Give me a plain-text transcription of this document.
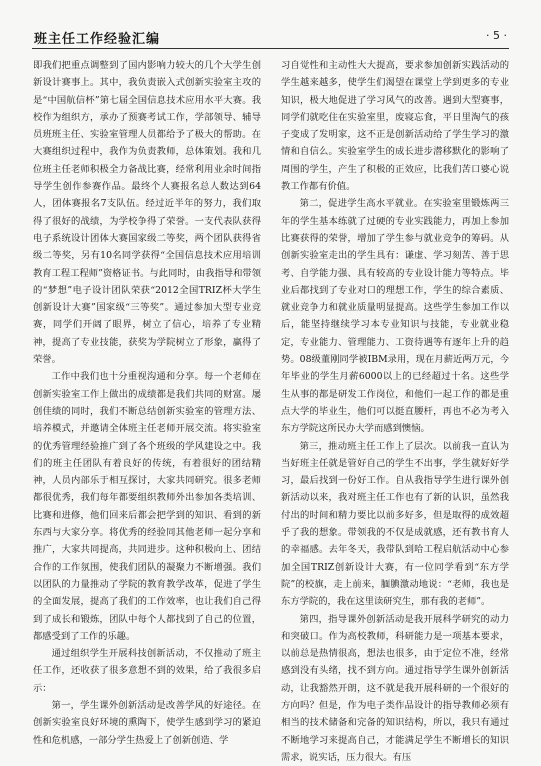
班主任工作经验汇编	· 5 ·

即我们把重点调整到了国内影响力较大的几个大学生创新设计赛事上。其中，我负责嵌入式创新实验室主攻的是“中国航信杯”第七届全国信息技术应用水平大赛。我校作为组织方，承办了预赛考试工作，学部领导、辅导员班班主任、实验室管理人员都给予了极大的帮助。在大赛组织过程中，我作为负责教师，总体策划。我和几位班主任老师积极全力备战比赛，经常利用业余时间指导学生创作参赛作品。最终个人赛报名总人数达到64人，团体赛报名7支队伍。经过近半年的努力，我们取得了很好的战绩，为学校争得了荣誉。一支代表队获得电子系统设计团体大赛国家级二等奖，两个团队获得省级二等奖，另有10名同学获得“全国信息技术应用培训教育工程工程师”资格证书。与此同时，由我指导和带领的“梦想”电子设计团队荣获“2012全国TRIZ杯大学生创新设计大赛”国家级“三等奖”。通过参加大型专业竞赛，同学们开阔了眼界，树立了信心，培养了专业精神，提高了专业技能，获奖为学院树立了形象，赢得了荣誉。

工作中我们也十分重视沟通和分享。每一个老师在创新实验室工作上做出的成绩都是我们共同的财富。屡创佳绩的同时，我们不断总结创新实验室的管理方法、培养模式，并邀请全体班主任老师开展交流。将实验室的优秀管理经验推广到了各个班级的学风建设之中。我们的班主任团队有着良好的传统，有着很好的团结精神，人员内部乐于相互探讨，大家共同研究。很多老师都很优秀，我们每年都要组织教师外出参加各类培训、比赛和进修，他们回来后都会把学到的知识、看到的新东西与大家分享。将优秀的经验同其他老师一起分享和推广，大家共同提高，共同进步。这种积极向上、团结合作的工作氛围，使我们团队的凝聚力不断增强。我们以团队的力量推动了学院的教育教学改革，促进了学生的全面发展，提高了我们的工作效率，也让我们自己得到了成长和锻炼，团队中每个人都找到了自己的位置，都感受到了工作的乐趣。

通过组织学生开展科技创新活动，不仅推动了班主任工作，还收获了很多意想不到的效果，给了我很多启示：

第一，学生课外创新活动是改善学风的好途径。在创新实验室良好环境的熏陶下，使学生感到学习的紧迫性和危机感，一部分学生热爱上了创新创造、学

习自觉性和主动性大大提高，要求参加创新实践活动的学生越来越多，使学生们渴望在课堂上学到更多的专业知识，极大地促进了学习风气的改善。遇到大型赛事，同学们就吃住在实验室里，废寝忘食，平日里淘气的孩子变成了发明家，这不正是创新活动给了学生学习的激情和自信么。实验室学生的成长进步潜移默化的影响了周围的学生，产生了积极的正效应，比我们苦口婆心说教工作都有价值。

第二，促进学生高水平就业。在实验室里锻炼两三年的学生基本练就了过硬的专业实践能力，再加上参加比赛获得的荣誉，增加了学生参与就业竞争的筹码。从创新实验室走出的学生具有：谦虚、学习刻苦、善于思考、自学能力强、具有较高的专业设计能力等特点。毕业后都找到了专业对口的理想工作，学生的综合素质、就业竞争力和就业质量明显提高。这些学生参加工作以后，能坚持继续学习本专业知识与技能，专业就业稳定，专业能力、管理能力、工资待遇等有逐年上升的趋势。08级董刚同学被IBM录用，现在月薪近两万元，今年毕业的学生月薪6000以上的已经超过十名。这些学生从事的都是研发工作岗位，和他们一起工作的都是重点大学的毕业生，他们可以挺直腰杆，再也不必为考入东方学院这所民办大学而感到懊恼。

第三，推动班主任工作上了层次。以前我一直认为当好班主任就是管好自己的学生不出事，学生就好好学习，最后找到一份好工作。自从我指导学生进行课外创新活动以来，我对班主任工作也有了新的认识，虽然我付出的时间和精力要比以前多好多，但是取得的成效超乎了我的想象。带领我的不仅是成就感，还有教书育人的幸福感。去年冬天，我带队到哈工程启航活动中心参加全国TRIZ创新设计大赛，有一位同学看到“东方学院”的校旗，走上前来，腼腆激动地说：“老师，我也是东方学院的，我在这里读研究生，那有我的老师”。

第四，指导课外创新活动是我开展科学研究的动力和突破口。作为高校教师，科研能力是一项基本要求，以前总是热情很高，想法也很多，由于定位不准，经常感到没有头绪，找不到方向。通过指导学生课外创新活动，让我豁然开朗，这不就是我开展科研的一个很好的方向吗？但是，作为电子类作品设计的指导教师必须有相当的技术储备和完备的知识结构，所以，我只有通过不断地学习来提高自己，才能满足学生不断增长的知识需求，说实话，压力很大。有压
